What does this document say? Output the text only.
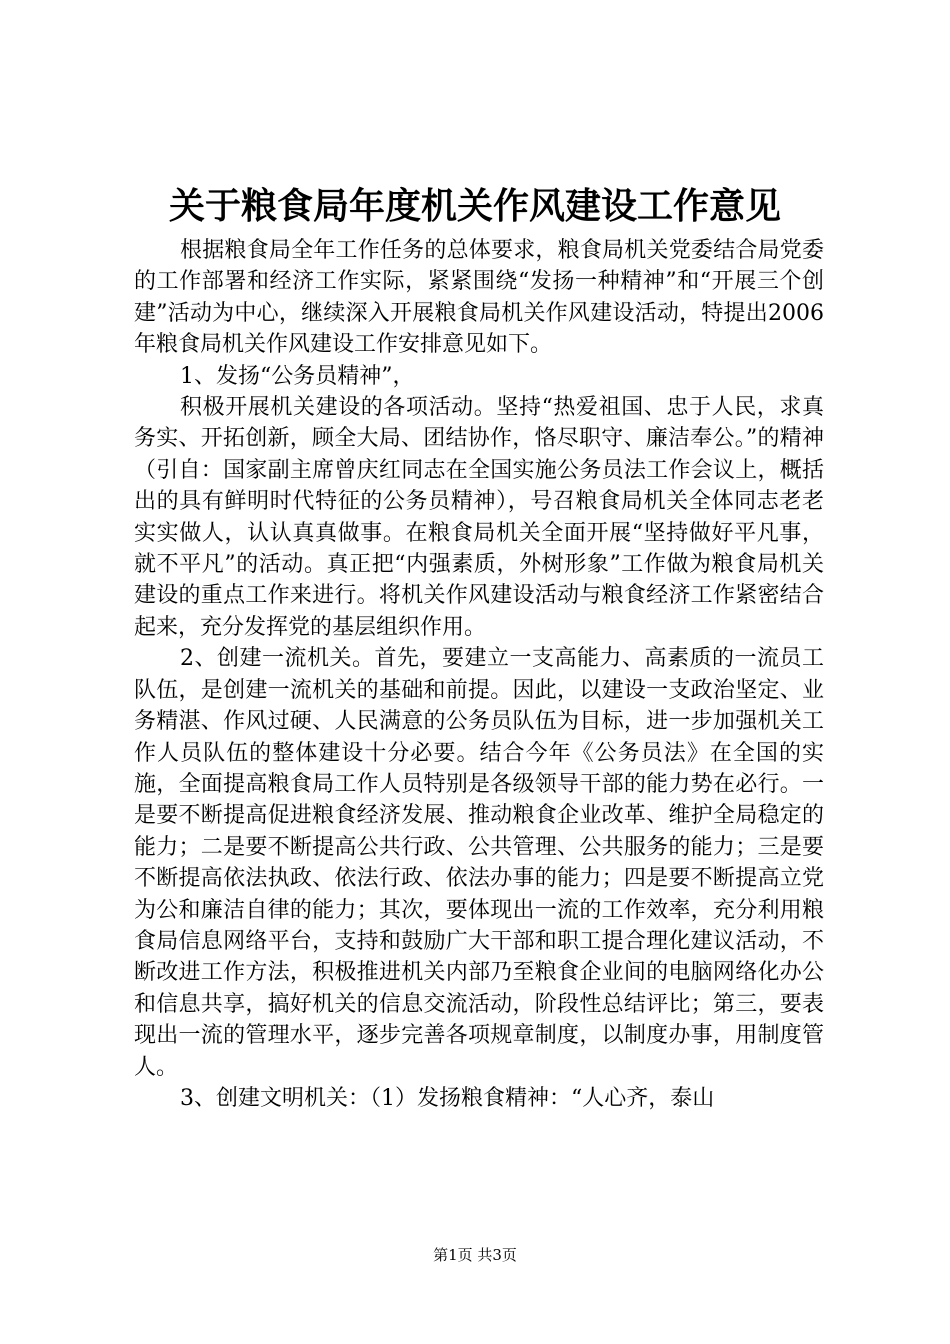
关于粮食局年度机关作风建设工作意见

根据粮食局全年工作任务的总体要求，粮食局机关党委结合局党委的工作部署和经济工作实际，紧紧围绕“发扬一种精神”和“开展三个创建”活动为中心，继续深入开展粮食局机关作风建设活动，特提出2006年粮食局机关作风建设工作安排意见如下。

1、发扬“公务员精神”，

积极开展机关建设的各项活动。坚持“热爱祖国、忠于人民，求真务实、开拓创新，顾全大局、团结协作，恪尽职守、廉洁奉公。”的精神（引自：国家副主席曾庆红同志在全国实施公务员法工作会议上，概括出的具有鲜明时代特征的公务员精神），号召粮食局机关全体同志老老实实做人，认认真真做事。在粮食局机关全面开展“坚持做好平凡事，就不平凡”的活动。真正把“内强素质，外树形象”工作做为粮食局机关建设的重点工作来进行。将机关作风建设活动与粮食经济工作紧密结合起来，充分发挥党的基层组织作用。

2、创建一流机关。首先，要建立一支高能力、高素质的一流员工队伍，是创建一流机关的基础和前提。因此，以建设一支政治坚定、业务精湛、作风过硬、人民满意的公务员队伍为目标，进一步加强机关工作人员队伍的整体建设十分必要。结合今年《公务员法》在全国的实施，全面提高粮食局工作人员特别是各级领导干部的能力势在必行。一是要不断提高促进粮食经济发展、推动粮食企业改革、维护全局稳定的能力；二是要不断提高公共行政、公共管理、公共服务的能力；三是要不断提高依法执政、依法行政、依法办事的能力；四是要不断提高立党为公和廉洁自律的能力；其次，要体现出一流的工作效率，充分利用粮食局信息网络平台，支持和鼓励广大干部和职工提合理化建议活动，不断改进工作方法，积极推进机关内部乃至粮食企业间的电脑网络化办公和信息共享，搞好机关的信息交流活动，阶段性总结评比；第三，要表现出一流的管理水平，逐步完善各项规章制度，以制度办事，用制度管人。

3、创建文明机关：（1）发扬粮食精神：“人心齐，泰山

第1页 共3页
